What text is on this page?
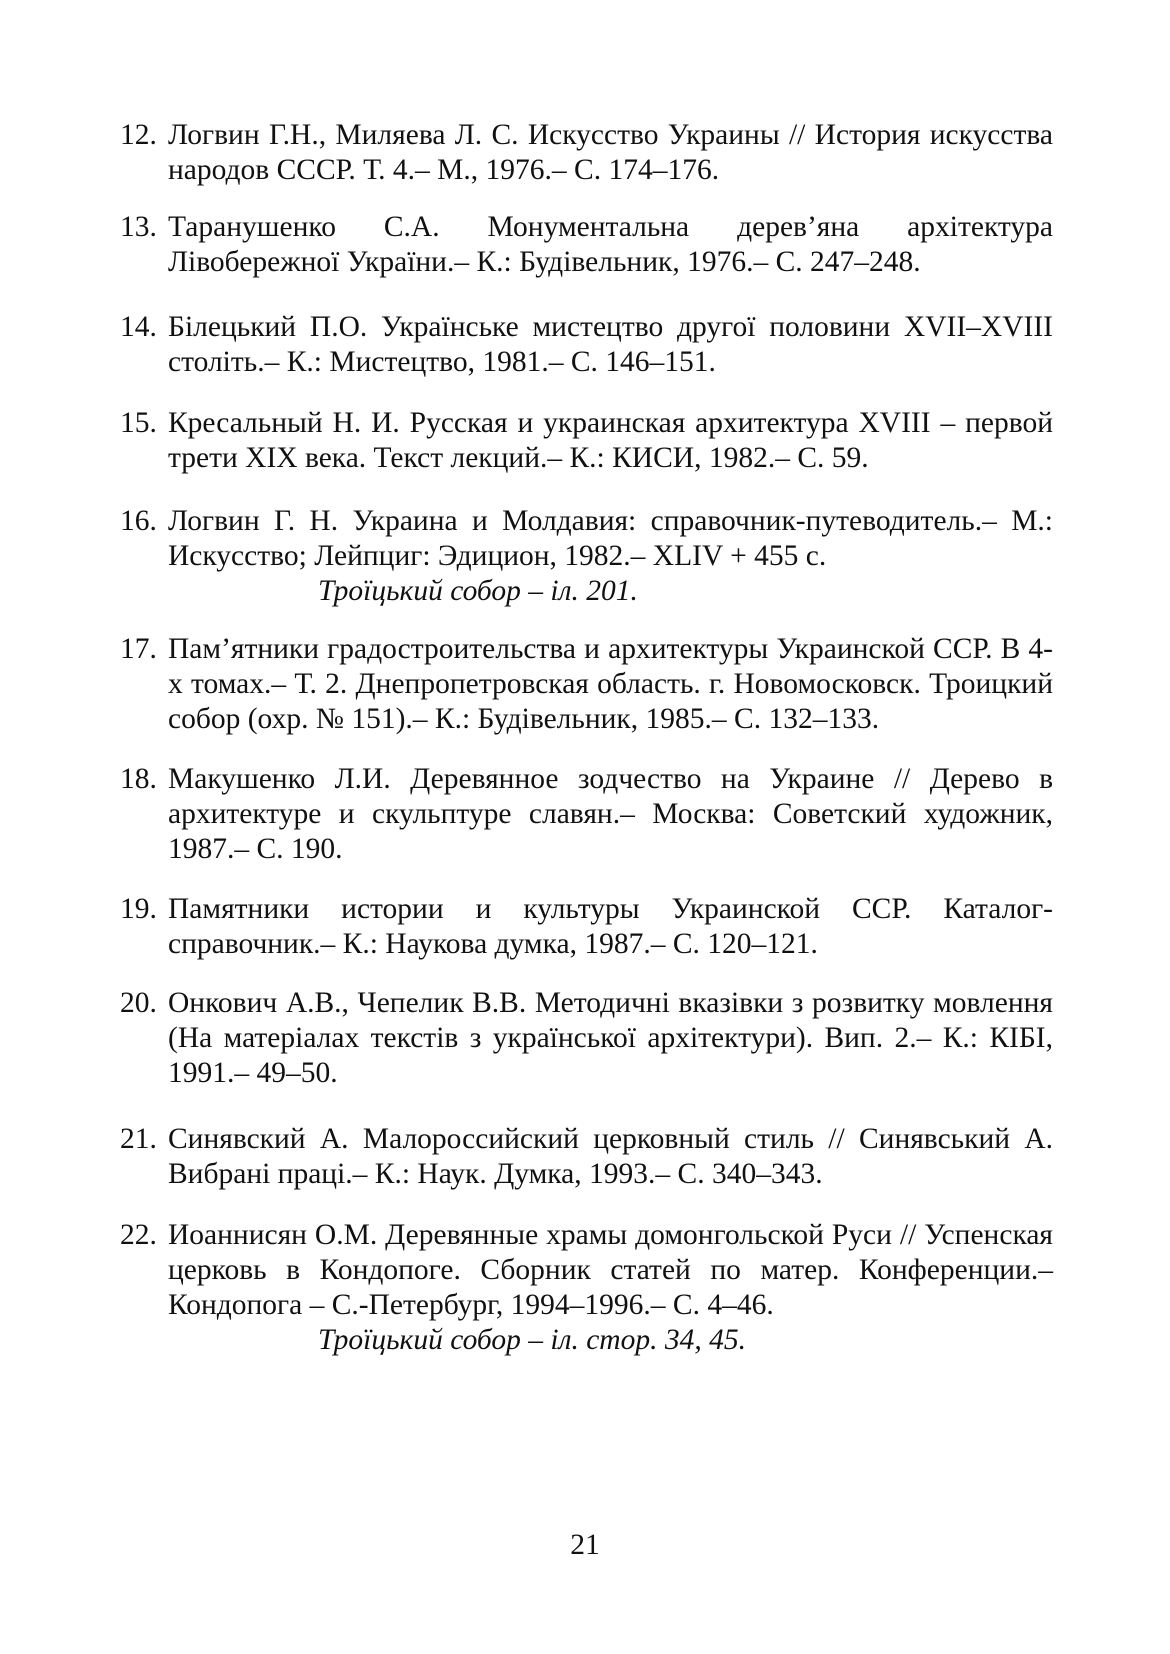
12. Логвин Г.Н., Миляева Л. С. Искусство Украины // История искусства народов СССР. Т. 4.– М., 1976.– С. 174–176.
13. Таранушенко С.А. Монументальна дерев’яна архітектура Лівобережної України.– К.: Будівельник, 1976.– С. 247–248.
14. Білецький П.О. Українське мистецтво другої половини XVII–XVIII століть.– К.: Мистецтво, 1981.– С. 146–151.
15. Кресальный Н. И. Русская и украинская архитектура XVIII – первой трети XIX века. Текст лекций.– К.: КИСИ, 1982.– С. 59.
16. Логвин Г. Н. Украина и Молдавия: справочник-путеводитель.– М.: Искусство; Лейпциг: Эдицион, 1982.– XLIV + 455 с.
Троїцький собор – іл. 201.
17. Пам’ятники градостроительства и архитектуры Украинской ССР. В 4-х томах.– Т. 2. Днепропетровская область. г. Новомосковск. Троицкий собор (охр. № 151).– К.: Будівельник, 1985.– С. 132–133.
18. Макушенко Л.И. Деревянное зодчество на Украине // Дерево в архитектуре и скульптуре славян.– Москва: Советский художник, 1987.– С. 190.
19. Памятники истории и культуры Украинской ССР. Каталог-справочник.– К.: Наукова думка, 1987.– С. 120–121.
20. Онкович А.В., Чепелик В.В. Методичні вказівки з розвитку мовлення (На матеріалах текстів з української архітектури). Вип. 2.– К.: КІБІ, 1991.– 49–50.
21. Синявский А. Малороссийский церковный стиль // Синявський А. Вибрані праці.– К.: Наук. Думка, 1993.– С. 340–343.
22. Иоаннисян О.М. Деревянные храмы домонгольской Руси // Успенская церковь в Кондопоге. Сборник статей по матер. Конференции.– Кондопога – С.-Петербург, 1994–1996.– С. 4–46.
Троїцький собор – іл. стор. 34, 45.
21
